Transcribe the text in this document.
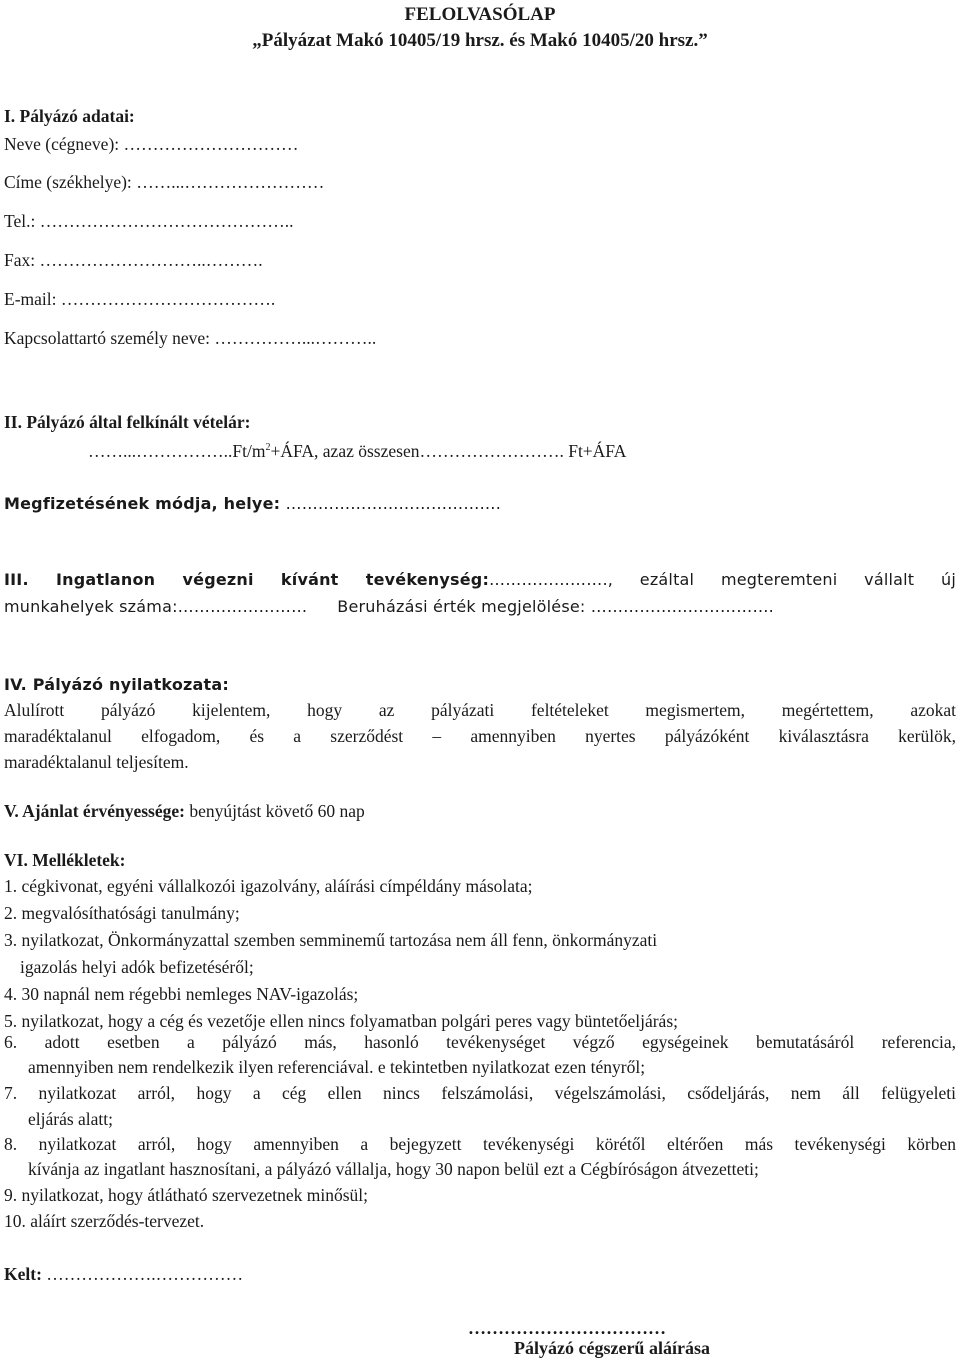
FELOLVASÓLAP
„Pályázat Makó 10405/19 hrsz. és Makó 10405/20 hrsz.”
I. Pályázó adatai:
Neve (cégneve): …………………………
Címe (székhelye): ……...……………………
Tel.: ……………………………………..
Fax: ………………………..……….
E-mail: ……………………………….
Kapcsolattartó személy neve: ……………...………..
II. Pályázó által felkínált vételár:
$\dots\dots...\dots\dots\dots\dots\dots..Ft/m^2+ÁFA$, azaz összesen……………………. Ft+ÁFA
Megfizetésének módja, helye: ………………...……………….
III. Ingatlanon végezni kívánt tevékenység:…………………., ezáltal megteremteni vállalt új
munkahelyek száma:…………………… Beruházási érték megjelölése: ……………...…………….
IV. Pályázó nyilatkozata:
Alulírott pályázó kijelentem, hogy az pályázati feltételeket megismertem, megértettem, azokat
maradéktalanul elfogadom, és a szerződést – amennyiben nyertes pályázóként kiválasztásra kerülök,
maradéktalanul teljesítem.
V. Ajánlat érvényessége: benyújtást követő 60 nap
VI. Mellékletek:
1. cégkivonat, egyéni vállalkozói igazolvány, aláírási címpéldány másolata;
2. megvalósíthatósági tanulmány;
3. nyilatkozat, Önkormányzattal szemben semminemű tartozása nem áll fenn, önkormányzati
igazolás helyi adók befizetéséről;
4. 30 napnál nem régebbi nemleges NAV-igazolás;
5. nyilatkozat, hogy a cég és vezetője ellen nincs folyamatban polgári peres vagy büntetőeljárás;
6. adott esetben a pályázó más, hasonló tevékenységet végző egységeinek bemutatásáról referencia,
amennyiben nem rendelkezik ilyen referenciával. e tekintetben nyilatkozat ezen tényről;
7. nyilatkozat arról, hogy a cég ellen nincs felszámolási, végelszámolási, csődeljárás, nem áll felügyeleti
eljárás alatt;
8. nyilatkozat arról, hogy amennyiben a bejegyzett tevékenységi körétől eltérően más tevékenységi körben
kívánja az ingatlant hasznosítani, a pályázó vállalja, hogy 30 napon belül ezt a Cégbíróságon átvezetteti;
9. nyilatkozat, hogy átlátható szervezetnek minősül;
10. aláírt szerződés-tervezet.
Kelt: ……………….……………
……………………………
Pályázó cégszerű aláírása
